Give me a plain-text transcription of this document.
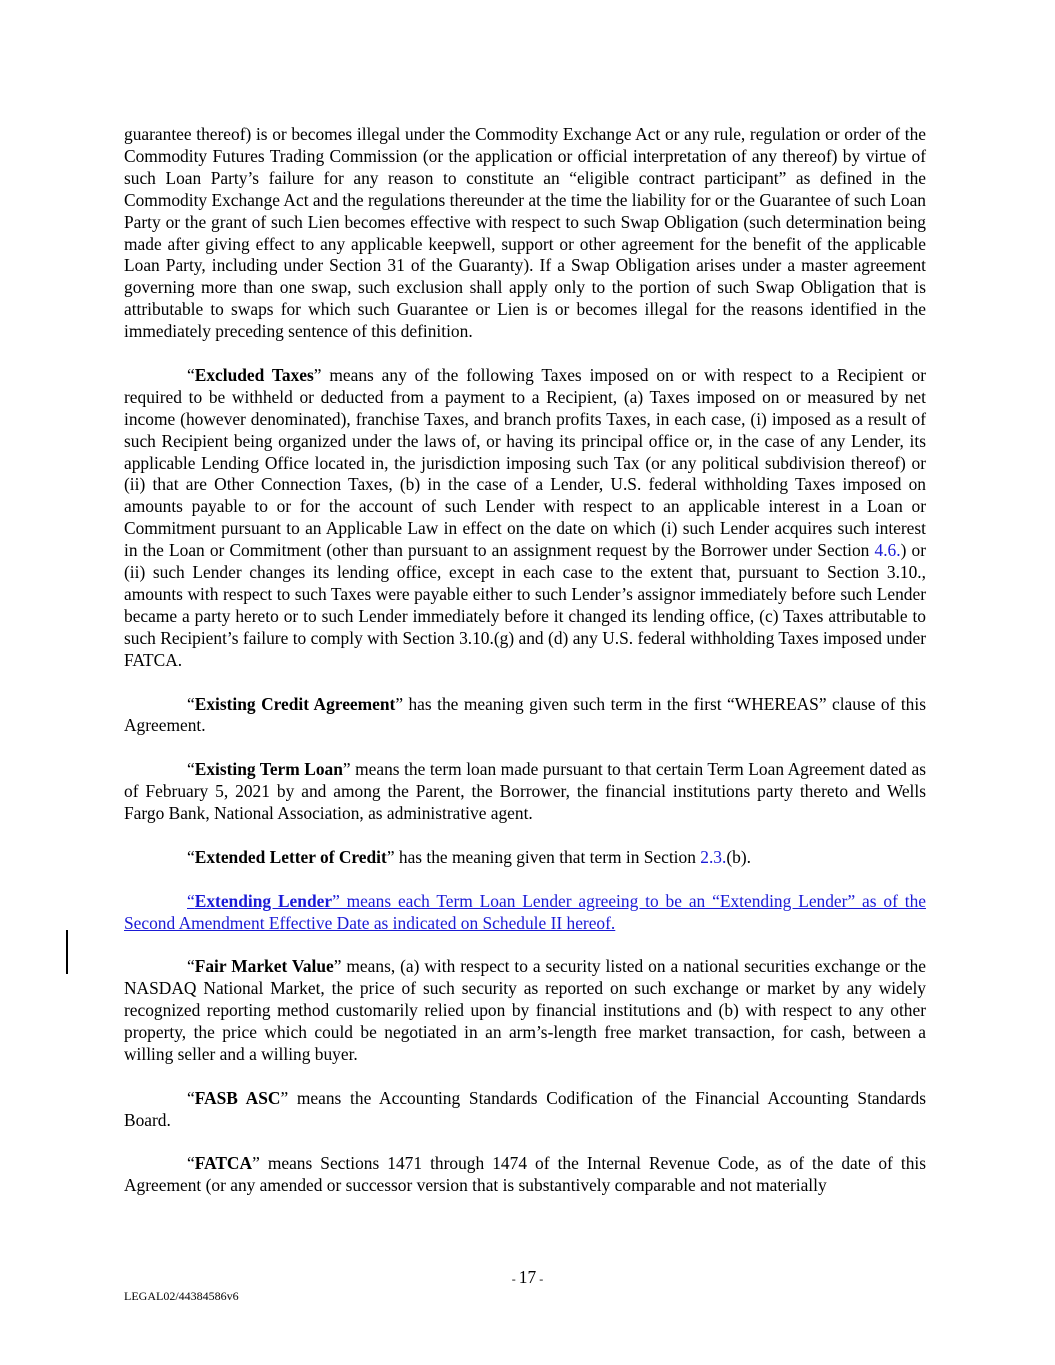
guarantee thereof) is or becomes illegal under the Commodity Exchange Act or any rule, regulation or order of the Commodity Futures Trading Commission (or the application or official interpretation of any thereof) by virtue of such Loan Party’s failure for any reason to constitute an “eligible contract participant” as defined in the Commodity Exchange Act and the regulations thereunder at the time the liability for or the Guarantee of such Loan Party or the grant of such Lien becomes effective with respect to such Swap Obligation (such determination being made after giving effect to any applicable keepwell, support or other agreement for the benefit of the applicable Loan Party, including under Section 31 of the Guaranty). If a Swap Obligation arises under a master agreement governing more than one swap, such exclusion shall apply only to the portion of such Swap Obligation that is attributable to swaps for which such Guarantee or Lien is or becomes illegal for the reasons identified in the immediately preceding sentence of this definition.

“Excluded Taxes” means any of the following Taxes imposed on or with respect to a Recipient or required to be withheld or deducted from a payment to a Recipient, (a) Taxes imposed on or measured by net income (however denominated), franchise Taxes, and branch profits Taxes, in each case, (i) imposed as a result of such Recipient being organized under the laws of, or having its principal office or, in the case of any Lender, its applicable Lending Office located in, the jurisdiction imposing such Tax (or any political subdivision thereof) or (ii) that are Other Connection Taxes, (b) in the case of a Lender, U.S. federal withholding Taxes imposed on amounts payable to or for the account of such Lender with respect to an applicable interest in a Loan or Commitment pursuant to an Applicable Law in effect on the date on which (i) such Lender acquires such interest in the Loan or Commitment (other than pursuant to an assignment request by the Borrower under Section 4.6.) or (ii) such Lender changes its lending office, except in each case to the extent that, pursuant to Section 3.10., amounts with respect to such Taxes were payable either to such Lender’s assignor immediately before such Lender became a party hereto or to such Lender immediately before it changed its lending office, (c) Taxes attributable to such Recipient’s failure to comply with Section 3.10.(g) and (d) any U.S. federal withholding Taxes imposed under FATCA.

“Existing Credit Agreement” has the meaning given such term in the first “WHEREAS” clause of this Agreement.

“Existing Term Loan” means the term loan made pursuant to that certain Term Loan Agreement dated as of February 5, 2021 by and among the Parent, the Borrower, the financial institutions party thereto and Wells Fargo Bank, National Association, as administrative agent.

“Extended Letter of Credit” has the meaning given that term in Section 2.3.(b).

“Extending Lender” means each Term Loan Lender agreeing to be an “Extending Lender” as of the Second Amendment Effective Date as indicated on Schedule II hereof.

“Fair Market Value” means, (a) with respect to a security listed on a national securities exchange or the NASDAQ National Market, the price of such security as reported on such exchange or market by any widely recognized reporting method customarily relied upon by financial institutions and (b) with respect to any other property, the price which could be negotiated in an arm’s-length free market transaction, for cash, between a willing seller and a willing buyer.

“FASB ASC” means the Accounting Standards Codification of the Financial Accounting Standards Board.

“FATCA” means Sections 1471 through 1474 of the Internal Revenue Code, as of the date of this Agreement (or any amended or successor version that is substantively comparable and not materially

- 17 -
LEGAL02/44384586v6
